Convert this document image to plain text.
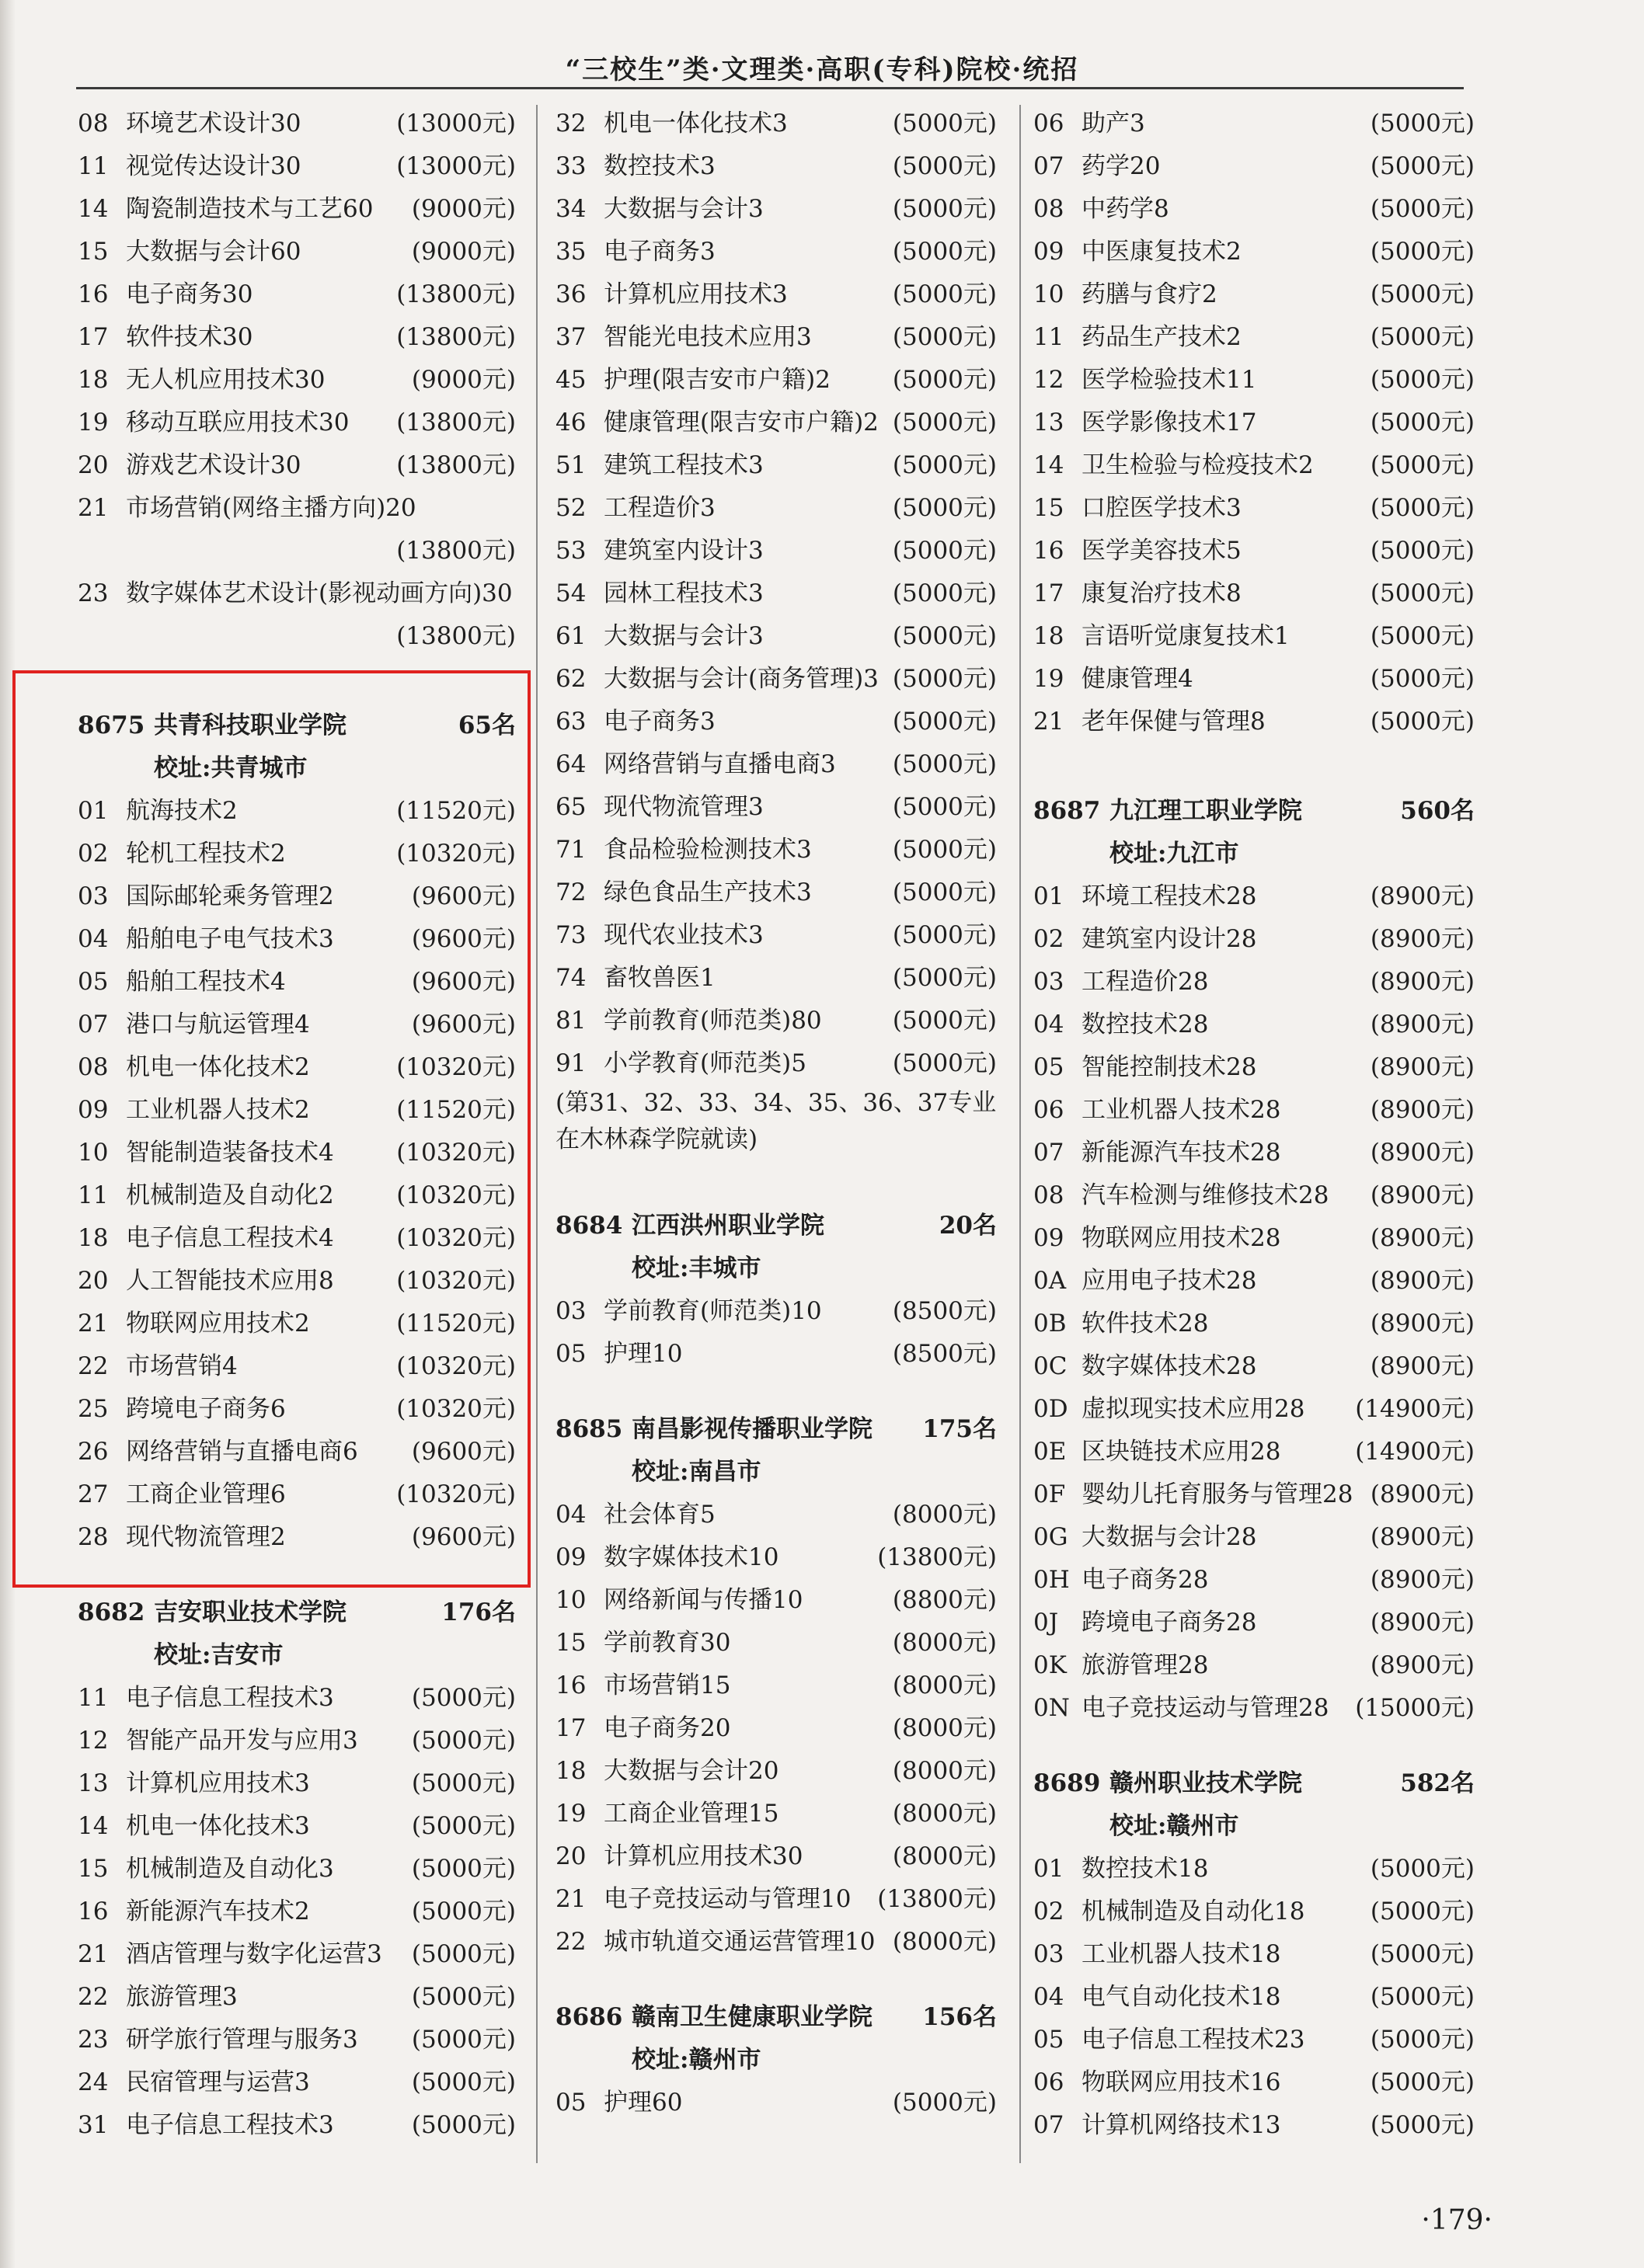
“三校生”类·文理类·高职(专科)院校·统招
08 环境艺术设计30	(13000元)
11 视觉传达设计30	(13000元)
14 陶瓷制造技术与工艺60	(9000元)
15 大数据与会计60	(9000元)
16 电子商务30	(13800元)
17 软件技术30	(13800元)
18 无人机应用技术30	(9000元)
19 移动互联应用技术30	(13800元)
20 游戏艺术设计30	(13800元)
21 市场营销(网络主播方向)20
(13800元)
23 数字媒体艺术设计(影视动画方向)30
(13800元)
8675 共青科技职业学院	65名
校址:共青城市
01 航海技术2	(11520元)
02 轮机工程技术2	(10320元)
03 国际邮轮乘务管理2	(9600元)
04 船舶电子电气技术3	(9600元)
05 船舶工程技术4	(9600元)
07 港口与航运管理4	(9600元)
08 机电一体化技术2	(10320元)
09 工业机器人技术2	(11520元)
10 智能制造装备技术4	(10320元)
11 机械制造及自动化2	(10320元)
18 电子信息工程技术4	(10320元)
20 人工智能技术应用8	(10320元)
21 物联网应用技术2	(11520元)
22 市场营销4	(10320元)
25 跨境电子商务6	(10320元)
26 网络营销与直播电商6	(9600元)
27 工商企业管理6	(10320元)
28 现代物流管理2	(9600元)
8682 吉安职业技术学院	176名
校址:吉安市
11 电子信息工程技术3	(5000元)
12 智能产品开发与应用3	(5000元)
13 计算机应用技术3	(5000元)
14 机电一体化技术3	(5000元)
15 机械制造及自动化3	(5000元)
16 新能源汽车技术2	(5000元)
21 酒店管理与数字化运营3	(5000元)
22 旅游管理3	(5000元)
23 研学旅行管理与服务3	(5000元)
24 民宿管理与运营3	(5000元)
31 电子信息工程技术3	(5000元)
32 机电一体化技术3	(5000元)
33 数控技术3	(5000元)
34 大数据与会计3	(5000元)
35 电子商务3	(5000元)
36 计算机应用技术3	(5000元)
37 智能光电技术应用3	(5000元)
45 护理(限吉安市户籍)2	(5000元)
46 健康管理(限吉安市户籍)2 (5000元)
51 建筑工程技术3	(5000元)
52 工程造价3	(5000元)
53 建筑室内设计3	(5000元)
54 园林工程技术3	(5000元)
61 大数据与会计3	(5000元)
62 大数据与会计(商务管理)3 (5000元)
63 电子商务3	(5000元)
64 网络营销与直播电商3	(5000元)
65 现代物流管理3	(5000元)
71 食品检验检测技术3	(5000元)
72 绿色食品生产技术3	(5000元)
73 现代农业技术3	(5000元)
74 畜牧兽医1	(5000元)
81 学前教育(师范类)80	(5000元)
91 小学教育(师范类)5	(5000元)
(第31、32、33、34、35、36、37专业在木林森学院就读)
8684 江西洪州职业学院	20名
校址:丰城市
03 学前教育(师范类)10	(8500元)
05 护理10	(8500元)
8685 南昌影视传播职业学院	175名
校址:南昌市
04 社会体育5	(8000元)
09 数字媒体技术10	(13800元)
10 网络新闻与传播10	(8800元)
15 学前教育30	(8000元)
16 市场营销15	(8000元)
17 电子商务20	(8000元)
18 大数据与会计20	(8000元)
19 工商企业管理15	(8000元)
20 计算机应用技术30	(8000元)
21 电子竞技运动与管理10	(13800元)
22 城市轨道交通运营管理10 (8000元)
8686 赣南卫生健康职业学院	156名
校址:赣州市
05 护理60	(5000元)
06 助产3	(5000元)
07 药学20	(5000元)
08 中药学8	(5000元)
09 中医康复技术2	(5000元)
10 药膳与食疗2	(5000元)
11 药品生产技术2	(5000元)
12 医学检验技术11	(5000元)
13 医学影像技术17	(5000元)
14 卫生检验与检疫技术2	(5000元)
15 口腔医学技术3	(5000元)
16 医学美容技术5	(5000元)
17 康复治疗技术8	(5000元)
18 言语听觉康复技术1	(5000元)
19 健康管理4	(5000元)
21 老年保健与管理8	(5000元)
8687 九江理工职业学院	560名
校址:九江市
01 环境工程技术28	(8900元)
02 建筑室内设计28	(8900元)
03 工程造价28	(8900元)
04 数控技术28	(8900元)
05 智能控制技术28	(8900元)
06 工业机器人技术28	(8900元)
07 新能源汽车技术28	(8900元)
08 汽车检测与维修技术28	(8900元)
09 物联网应用技术28	(8900元)
0A 应用电子技术28	(8900元)
0B 软件技术28	(8900元)
0C 数字媒体技术28	(8900元)
0D 虚拟现实技术应用28	(14900元)
0E 区块链技术应用28	(14900元)
0F 婴幼儿托育服务与管理28 (8900元)
0G 大数据与会计28	(8900元)
0H 电子商务28	(8900元)
0J 跨境电子商务28	(8900元)
0K 旅游管理28	(8900元)
0N 电子竞技运动与管理28	(15000元)
8689 赣州职业技术学院	582名
校址:赣州市
01 数控技术18	(5000元)
02 机械制造及自动化18	(5000元)
03 工业机器人技术18	(5000元)
04 电气自动化技术18	(5000元)
05 电子信息工程技术23	(5000元)
06 物联网应用技术16	(5000元)
07 计算机网络技术13	(5000元)
·179·
